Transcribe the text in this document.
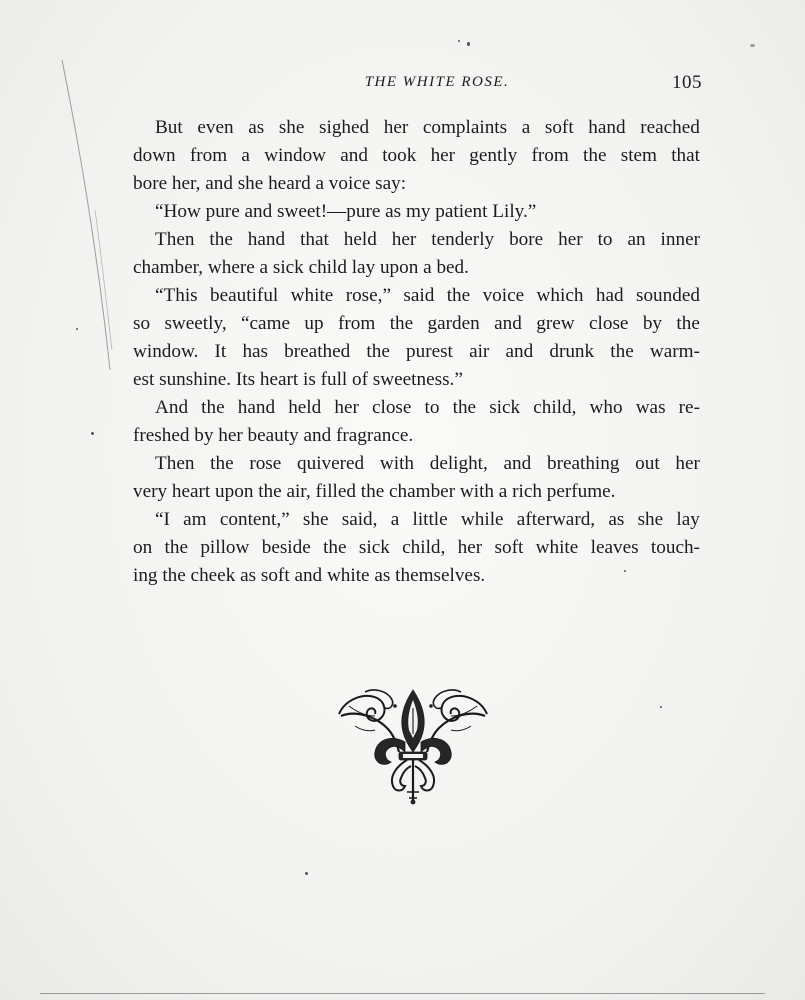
THE WHITE ROSE.	105
But even as she sighed her complaints a soft hand reached
down from a window and took her gently from the stem that
bore her, and she heard a voice say:
“How pure and sweet!—pure as my patient Lily.”
Then the hand that held her tenderly bore her to an inner
chamber, where a sick child lay upon a bed.
“This beautiful white rose,” said the voice which had sounded
so sweetly, “came up from the garden and grew close by the
window. It has breathed the purest air and drunk the warm-
est sunshine. Its heart is full of sweetness.”
And the hand held her close to the sick child, who was re-
freshed by her beauty and fragrance.
Then the rose quivered with delight, and breathing out her
very heart upon the air, filled the chamber with a rich perfume.
“I am content,” she said, a little while afterward, as she lay
on the pillow beside the sick child, her soft white leaves touch-
ing the cheek as soft and white as themselves.
